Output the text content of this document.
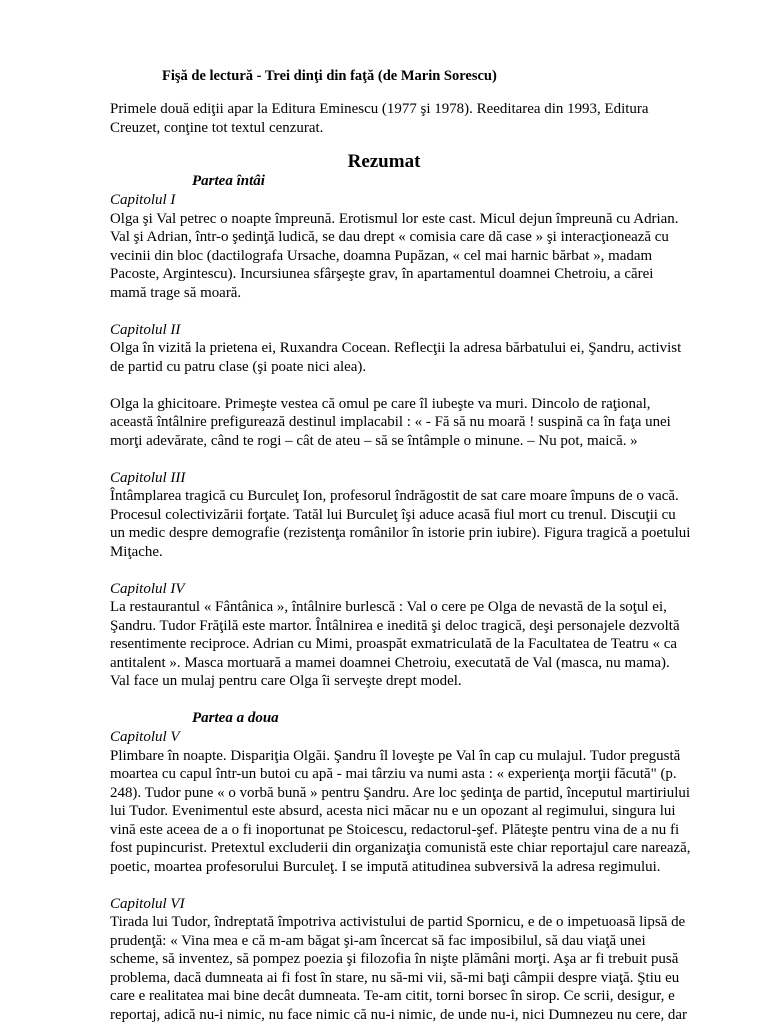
Fişă de lectură - Trei dinţi din faţă (de Marin Sorescu)
Primele două ediţii apar la Editura Eminescu (1977 şi 1978). Reeditarea din 1993, Editura
Creuzet, conţine tot textul cenzurat.
Rezumat
Partea întâi
Capitolul I
Olga şi Val petrec o noapte împreună. Erotismul lor este cast. Micul dejun împreună cu Adrian.
Val şi Adrian, într-o şedinţă ludică, se dau drept « comisia care dă case » şi interacţionează cu
vecinii din bloc (dactilografa Ursache, doamna Pupăzan, « cel mai harnic bărbat », madam
Pacoste, Argintescu). Incursiunea sfârşeşte grav, în apartamentul doamnei Chetroiu, a cărei
mamă trage să moară.
Capitolul II
Olga în vizită la prietena ei, Ruxandra Cocean. Reflecţii la adresa bărbatului ei, Şandru, activist
de partid cu patru clase (şi poate nici alea).
Olga la ghicitoare. Primeşte vestea că omul pe care îl iubeşte va muri. Dincolo de raţional,
această întâlnire prefigurează destinul implacabil : « - Fă să nu moară ! suspină ca în faţa unei
morţi adevărate, când te rogi – cât de ateu – să se întâmple o minune. – Nu pot, maică. »
Capitolul III
Întâmplarea tragică cu Burculeţ Ion, profesorul îndrăgostit de sat care moare împuns de o vacă.
Procesul colectivizării forţate. Tatăl lui Burculeţ îşi aduce acasă fiul mort cu trenul. Discuţii cu
un medic despre demografie (rezistenţa românilor în istorie prin iubire). Figura tragică a poetului
Miţache.
Capitolul IV
La restaurantul « Fântânica », întâlnire burlescă : Val o cere pe Olga de nevastă de la soţul ei,
Şandru. Tudor Frăţilă este martor. Întâlnirea e inedită şi deloc tragică, deşi personajele dezvoltă
resentimente reciproce. Adrian cu Mimi, proaspăt exmatriculată de la Facultatea de Teatru « ca
antitalent ». Masca mortuară a mamei doamnei Chetroiu, executată de Val (masca, nu mama).
Val face un mulaj pentru care Olga îi serveşte drept model.
Partea a doua
Capitolul V
Plimbare în noapte. Dispariţia Olgăi. Şandru îl loveşte pe Val în cap cu mulajul. Tudor pregustă
moartea cu capul într-un butoi cu apă - mai târziu va numi asta : « experienţa morţii făcută" (p.
248). Tudor pune « o vorbă bună » pentru Şandru. Are loc şedinţa de partid, începutul martiriului
lui Tudor. Evenimentul este absurd, acesta nici măcar nu e un opozant al regimului, singura lui
vină este aceea de a o fi inoportunat pe Stoicescu, redactorul-şef. Plăteşte pentru vina de a nu fi
fost pupincurist. Pretextul excluderii din organizaţia comunistă este chiar reportajul care narează,
poetic, moartea profesorului Burculeţ. I se impută atitudinea subversivă la adresa regimului.
Capitolul VI
Tirada lui Tudor, îndreptată împotriva activistului de partid Spornicu, e de o impetuoasă lipsă de
prudenţă: « Vina mea e că m-am băgat şi-am încercat să fac imposibilul, să dau viaţă unei
scheme, să inventez, să pompez poezia şi filozofia în nişte plămâni morţi. Aşa ar fi trebuit pusă
problema, dacă dumneata ai fi fost în stare, nu să-mi vii, să-mi baţi câmpii despre viaţă. Ştiu eu
care e realitatea mai bine decât dumneata. Te-am citit, torni borsec în sirop. Ce scrii, desigur, e
reportaj, adică nu-i nimic, nu face nimic că nu-i nimic, de unde nu-i, nici Dumnezeu nu cere, dar
